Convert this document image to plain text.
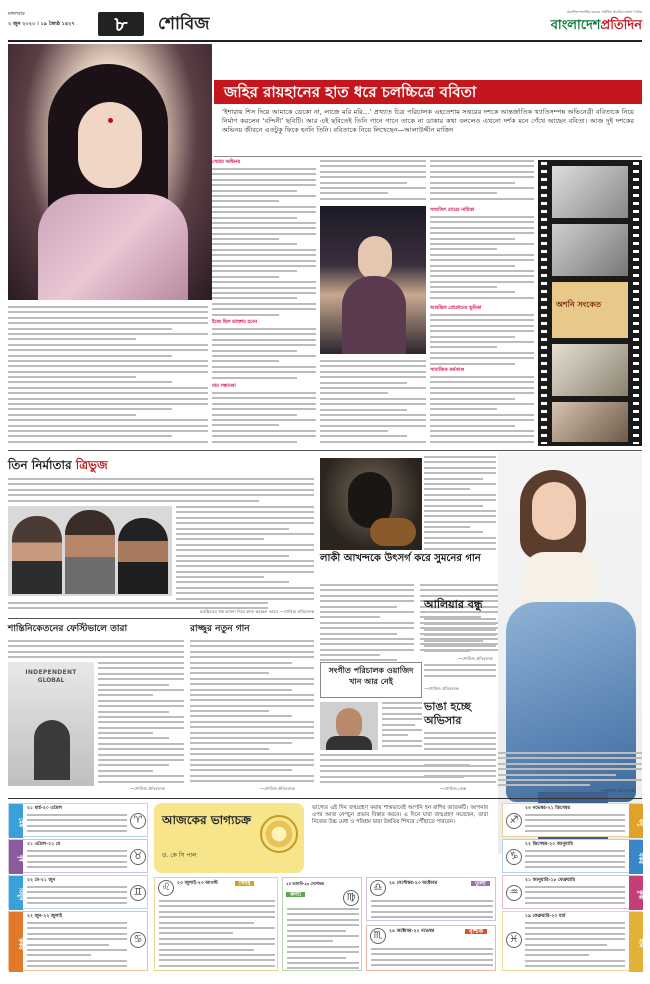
মঙ্গলবার
২ জুন ২০২০ । ১৯ জ্যৈষ্ঠ ১৪২৭	৮	শোবিজ
প্রকাশিত শতাধিক বছরের সর্বাধিক প্রচারিত বাংলা দৈনিক
বাংলাদেশপ্রতিদিন
জহির রায়হানের হাত ধরে চলচ্চিত্রে ববিতা
‘ইশারায় শিস দিয়ে আমাকে ডেকো না, লাজে মরি মরি…’ প্রখ্যাত চিত্র পরিচালক এহতেশাম সত্তরের দশকে আন্তর্জাতিক খ্যাতিসম্পন্ন অভিনেত্রী ববিতাকে নিয়ে নির্মাণ করলেন ‘বন্দিনী’ ছবিটি। আর এই ছবিতেই তিনি গানে গানে তাকে না ডাকার কথা বললেও এখনো দর্শক মনে গেঁথে আছেন ববিতা। আজ দুই দশকের অভিনয় জীবনে এতটুকু ফিকে হননি তিনি। ববিতাকে নিয়ে লিখেছেন—আলাউদ্দীন মাজিদ
সেরার অভিনয়
ইচ্ছে ছিল ডাক্তার হবেন
যার সন্ধানমা
সত্যজিৎ রায়ের নায়িকা
আমন্ত্রিত প্রোগ্রামের ভূমিকা
সামাজিক কর্মকাণ্ড
অশনি সংকেত
তিন নির্মাতার ত্রিভুজ
চলচ্চিত্রের গল্প ভাবনা নিয়ে কাজ করছেন তারা। —শোবিজ প্রতিবেদক
লাকী আখন্দকে উৎসর্গ করে সুমনের গান
—শোবিজ প্রতিবেদক
আলিয়ার বন্ধু
—শোবিজ প্রতিবেদক
শান্তিনিকেতনের ফেস্টিভালে তারা
INDEPENDENT
GLOBAL
—শোবিজ প্রতিবেদক
রাজ্জুর নতুন গান
—শোবিজ প্রতিবেদক
সংগীত পরিচালক ওয়াজিদ খান আর নেই
—শোবিজ ডেস্ক
ভাঙা হচ্ছে অভিসার
—শোবিজ প্রতিবেদক
মেষ
২১ মার্চ-২০ এপ্রিল
♈
বৃষ
২১ এপ্রিল-২১ মে
♉
মিথুন
২২ মে-২১ জুন
♊
আজকের ভাগ্যচক্র
ড. কে সি পাল
ভাগ্যের এই দিন জন্মগ্রহণ করায় শান্তভাবেই আপনি হন রাশির জাতকটি। আপনার ওপর আজ নেপচুন প্রভাব বিস্তার করবে। এ দিনে যারা জন্মগ্রহণ করেছেন, তারা নিজের উচ্চ মেধা ও পরিশ্রম দ্বারা উন্নতির শিখরে পৌঁছাতে পারবেন।	♐
২৩ নভেম্বর-২১ ডিসেম্বর
ধনু
♑
২২ ডিসেম্বর-২০ জানুয়ারি
মকর
♒
২১ জানুয়ারি-১৮ ফেব্রুয়ারি
কুম্ভ
♓
১৯ ফেব্রুয়ারি-২০ মার্চ
মীন
কর্কট
২২ জুন-২২ জুলাই
♋
২৩ জুলাই-২৩ আগস্ট
♌	সিংহ	২৪ আগস্ট-২৩ সেপ্টেম্বর
♍
কন্যা
২৪ সেপ্টেম্বর-২৩ অক্টোবর
♎	তুলা
২৪ অক্টোবর-২২ নভেম্বর
♏	বৃশ্চিক
